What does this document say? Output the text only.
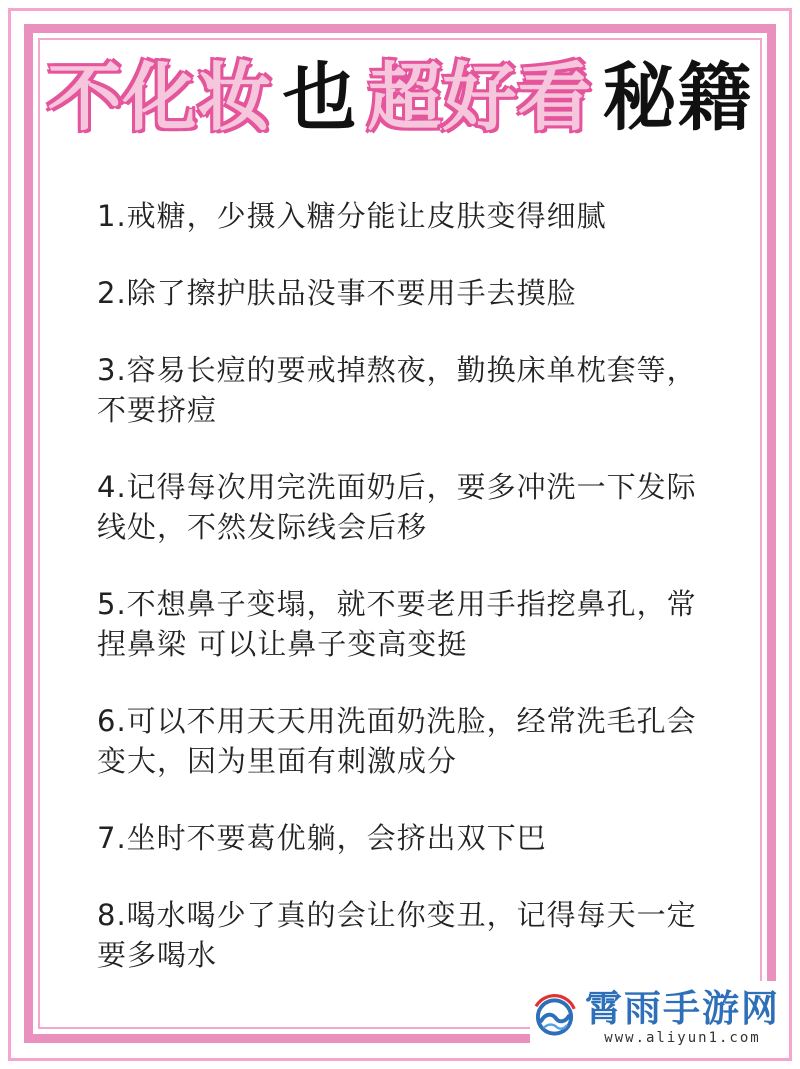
不化妆 也 超好看 秘籍
1.戒糖，少摄入糖分能让皮肤变得细腻
2.除了擦护肤品没事不要用手去摸脸
3.容易长痘的要戒掉熬夜，勤换床单枕套等，不要挤痘
4.记得每次用完洗面奶后，要多冲洗一下发际线处，不然发际线会后移
5.不想鼻子变塌，就不要老用手指挖鼻孔，常捏鼻梁 可以让鼻子变高变挺
6.可以不用天天用洗面奶洗脸，经常洗毛孔会变大，因为里面有刺激成分
7.坐时不要葛优躺，会挤出双下巴
8.喝水喝少了真的会让你变丑，记得每天一定要多喝水
霄雨手游网
www.aliyun1.com
